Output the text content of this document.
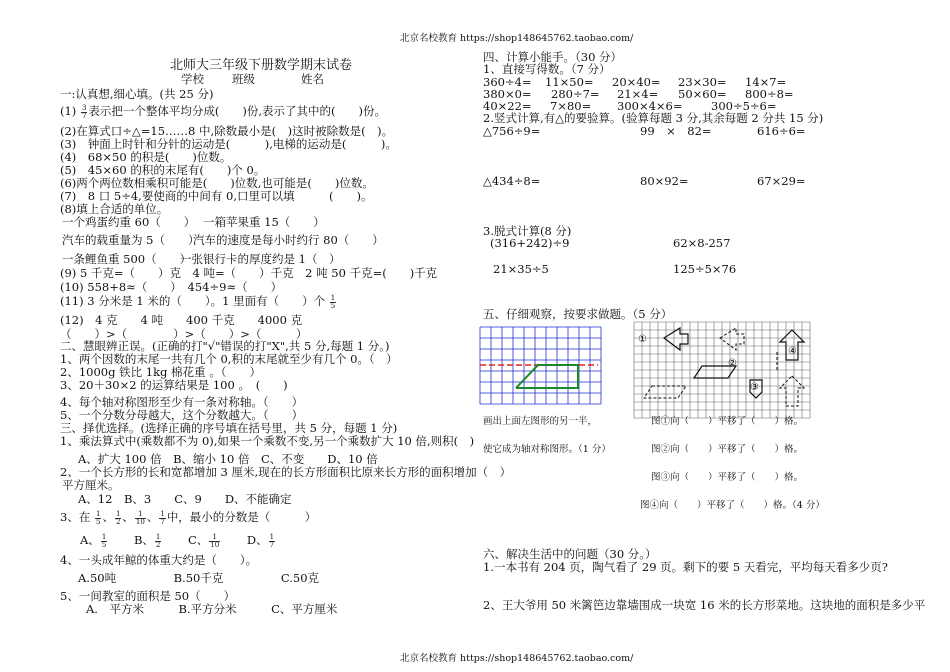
北京名校教育 https://shop148645762.taobao.com/
北京名校教育 https://shop148645762.taobao.com/
北师大三年级下册数学期末试卷
学校 班级	姓名
一:认真想,细心填。(共 25 分)
$(1) \frac{3}{7}$ 表示把一个整体平均分成(　　)份,表示了其中的(　　)份。
(2)在算式口÷△=15……8 中,除数最小是(　)这时被除数是(　)。
(3)　钟面上时针和分针的运动是(　　　),电梯的运动是(　　　)。
(4)　68×50 的积是(　　)位数。
(5)　45×60 的积的末尾有(　　)个 0。
(6)两个两位数相乘积可能是(　　)位数,也可能是(　　)位数。
(7)　8 口 5÷4,要使商的中间有 0,口里可以填　　　(　　)。
(8)填上合适的单位。
一个鸡蛋约重 60（　　） 一箱苹果重 15（　　）
汽车的载重量为 5（　　）
汽车的速度是每小时约行 80（　　）
一条鲤鱼重 500（　　）
一张银行卡的厚度约是 1（　）
(9) 5 千克=（　　）克　4 吨=（　　）千克　2 吨 50 千克=(　　)千克
(10) 558+8≈（　　）　454÷9≈（　　）
(11) 3 分米是 1 米的（　　）。1 里面有（　　）个 $\frac{1}{5}$
(12)　4 克　　4 吨　　400 千克　　4000 克
（　　）>（　　　　）>（　　）>（　　　）
二、慧眼辨正误。(正确的打"√"错误的打"X",共 5 分,每题 1 分。)
1、两个因数的末尾一共有几个 0,积的末尾就至少有几个 0。（　）
2、1000g 铁比 1kg 棉花重 。（　　）
3、20＋30×2 的运算结果是 100 。　(　　)
4、每个轴对称图形至少有一条对称轴。（　　）
5、一个分数分母越大，这个分数越大。（　　）
三、择优选择。(选择正确的序号填在括号里，共 5 分，每题 1 分)
1、乘法算式中(乘数都不为 0),如果一个乘数不变,另一个乘数扩大 10 倍,则积(　)
A、扩大 100 倍　B、缩小 10 倍　C、不变　　D、10 倍
2、一个长方形的长和宽都增加 3 厘米,现在的长方形面积比原来长方形的面积增加（　）
平方厘米。
A、12　B、3　　C、9　　D、不能确定
3、在 $\frac{1}{5}$ 、 $\frac{1}{2}$ 、 $\frac{1}{10}$ 、 $\frac{1}{7}$ 中，最小的分数是（　　　）
A、 $\frac{1}{5}$ B、 $\frac{1}{2}$ C、 $\frac{1}{10}$ D、 $\frac{1}{7}$
4、一头成年鲸的体重大约是（　　）。
A.50吨　　　　　B.50千克　　　　　C.50克
5、一间教室的面积是 50（　　）
A.　平方米　　　B.平方分米　　　C、平方厘米
四、计算小能手。（30 分）
1、直接写得数。（7 分）
360÷4= 11×50= 20×40= 23×30= 14×7=
380×0= 280÷7= 21×4= 50×60= 800÷8=
40×22= 7×80= 300×4×6= 300÷5÷6=
2.竖式计算,有△的要验算。(验算每题 3 分,其余每题 2 分共 15 分)
△756÷9=	99　×　82=	616÷6=
△434÷8=	80×92=	67×29=
3.脱式计算(8 分)
(316+242)÷9	62×8-257
21×35÷5	125÷5×76
五、仔细观察，按要求做题。（5 分）
①
②
③
④
画出上面左图形的另一半，
使它成为轴对称图形。（1 分）
图①向（　　）平移了（　　）格。
图②向（　　）平移了（　　）格。
图③向（　　）平移了（　　）格。
图④向（　　）平移了（　　）格。（4 分）
六、解决生活中的问题（30 分。）
1.一本书有 204 页，陶气看了 29 页。剩下的要 5 天看完，平均每天看多少页?
2、王大爷用 50 米篱笆边靠墙围成一块宽 16 米的长方形菜地。这块地的面积是多少平
